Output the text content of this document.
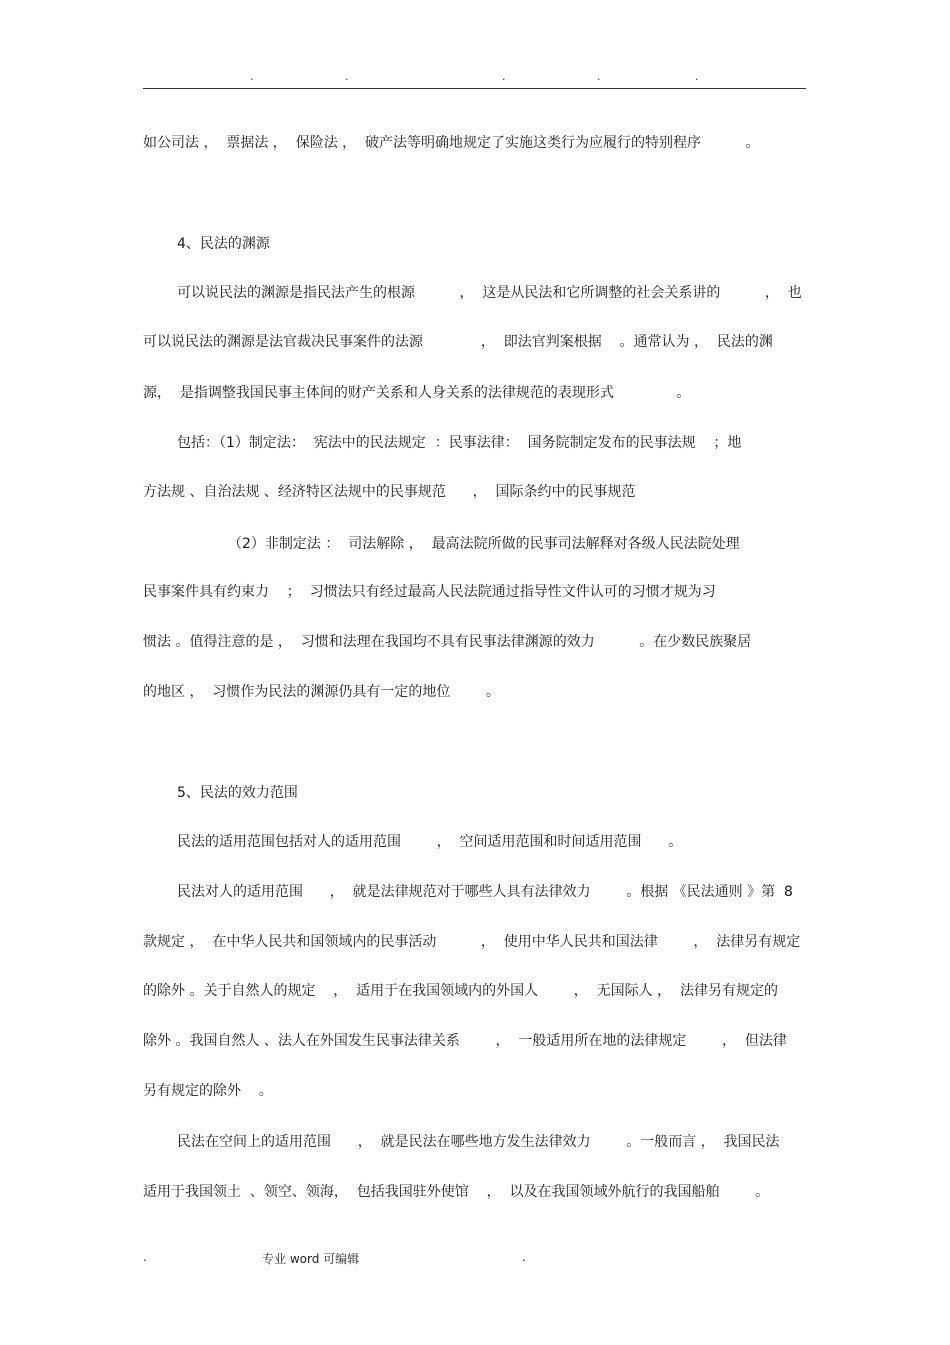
.	.	.	.	.
如公司法 ，  票据法 ，  保险法 ，  破产法等明确地规定了实施这类行为应履行的特别程序          。
4、民法的渊源
可以说民法的渊源是指民法产生的根源          ，  这是从民法和它所调整的社会关系讲的          ，  也
可以说民法的渊源是法官裁决民事案件的法源             ，  即法官判案根据    。通常认为 ，  民法的渊
源，  是指调整我国民事主体间的财产关系和人身关系的法律规范的表现形式              。
包括：（1）制定法：  宪法中的民法规定  ：民事法律：  国务院制定发布的民事法规    ；地
方法规 、自治法规 、经济特区法规中的民事规范      ，  国际条约中的民事规范
（2）非制定法 ：  司法解除 ，  最高法院所做的民事司法解释对各级人民法院处理
民事案件具有约束力    ；  习惯法只有经过最高人民法院通过指导性文件认可的习惯才规为习
惯法 。值得注意的是 ，  习惯和法理在我国均不具有民事法律渊源的效力          。在少数民族聚居
的地区 ，  习惯作为民法的渊源仍具有一定的地位        。
5、民法的效力范围
民法的适用范围包括对人的适用范围        ，  空间适用范围和时间适用范围      。
民法对人的适用范围      ，  就是法律规范对于哪些人具有法律效力        。根据 《民法通则 》第  8
款规定 ，  在中华人民共和国领域内的民事活动          ，  使用中华人民共和国法律        ，  法律另有规定
的除外 。关于自然人的规定    ，  适用于在我国领域内的外国人        ，  无国际人 ，  法律另有规定的
除外 。我国自然人 、法人在外国发生民事法律关系        ，  一般适用所在地的法律规定        ，  但法律
另有规定的除外    。
民法在空间上的适用范围      ，  就是民法在哪些地方发生法律效力        。一般而言 ，  我国民法
适用于我国领土  、领空、领海，  包括我国驻外使馆    ，  以及在我国领域外航行的我国船舶        。
.	专业 word 可编辑	.
